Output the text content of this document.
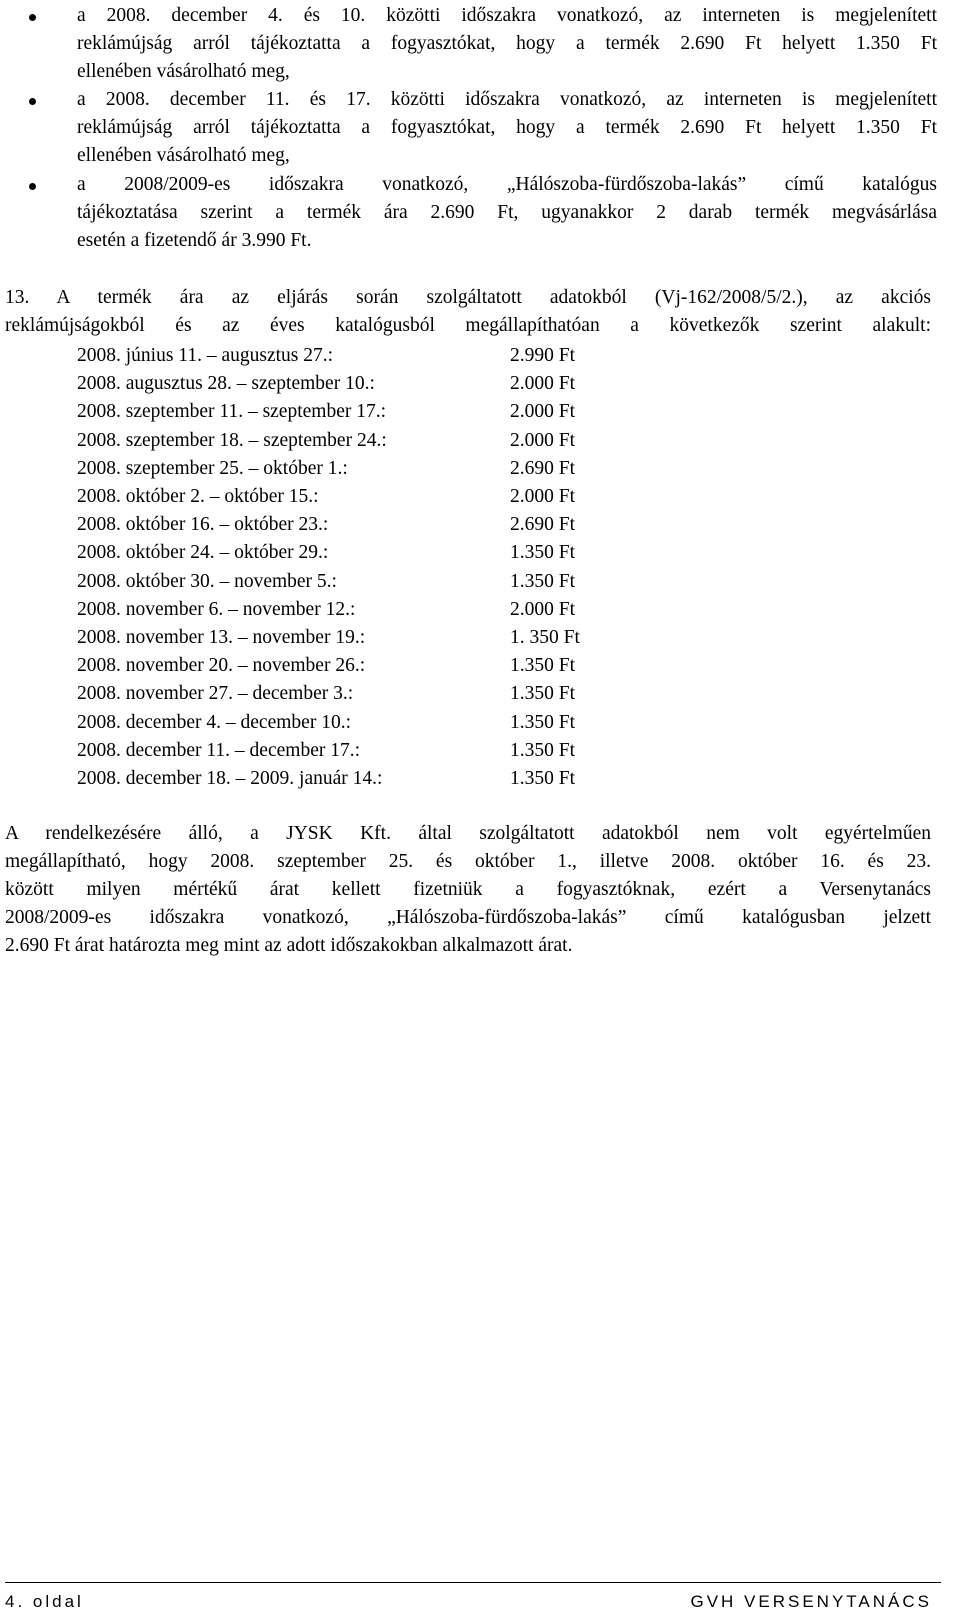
a 2008. december 4. és 10. közötti időszakra vonatkozó, az interneten is megjelenített
reklámújság arról tájékoztatta a fogyasztókat, hogy a termék 2.690 Ft helyett 1.350 Ft
ellenében vásárolható meg,
a 2008. december 11. és 17. közötti időszakra vonatkozó, az interneten is megjelenített
reklámújság arról tájékoztatta a fogyasztókat, hogy a termék 2.690 Ft helyett 1.350 Ft
ellenében vásárolható meg,
a 2008/2009-es időszakra vonatkozó, „Hálószoba-fürdőszoba-lakás” című katalógus
tájékoztatása szerint a termék ára 2.690 Ft, ugyanakkor 2 darab termék megvásárlása
esetén a fizetendő ár 3.990 Ft.
13. A termék ára az eljárás során szolgáltatott adatokból (Vj-162/2008/5/2.), az akciós
reklámújságokból és az éves katalógusból megállapíthatóan a következők szerint alakult:
2008. június 11. – augusztus 27.:	2.990 Ft
2008. augusztus 28. – szeptember 10.:	2.000 Ft
2008. szeptember 11. – szeptember 17.:	2.000 Ft
2008. szeptember 18. – szeptember 24.:	2.000 Ft
2008. szeptember 25. – október 1.:	2.690 Ft
2008. október 2. – október 15.:	2.000 Ft
2008. október 16. – október 23.:	2.690 Ft
2008. október 24. – október 29.:	1.350 Ft
2008. október 30. – november 5.:	1.350 Ft
2008. november 6. – november 12.:	2.000 Ft
2008. november 13. – november 19.:	1. 350 Ft
2008. november 20. – november 26.:	1.350 Ft
2008. november 27. – december 3.:	1.350 Ft
2008. december 4. – december 10.:	1.350 Ft
2008. december 11. – december 17.:	1.350 Ft
2008. december 18. – 2009. január 14.:	1.350 Ft
A rendelkezésére álló, a JYSK Kft. által szolgáltatott adatokból nem volt egyértelműen
megállapítható, hogy 2008. szeptember 25. és október 1., illetve 2008. október 16. és 23.
között milyen mértékű árat kellett fizetniük a fogyasztóknak, ezért a Versenytanács
2008/2009-es időszakra vonatkozó, „Hálószoba-fürdőszoba-lakás” című katalógusban jelzett
2.690 Ft árat határozta meg mint az adott időszakokban alkalmazott árat.
4. oldal	GVH VERSENYTANÁCS
